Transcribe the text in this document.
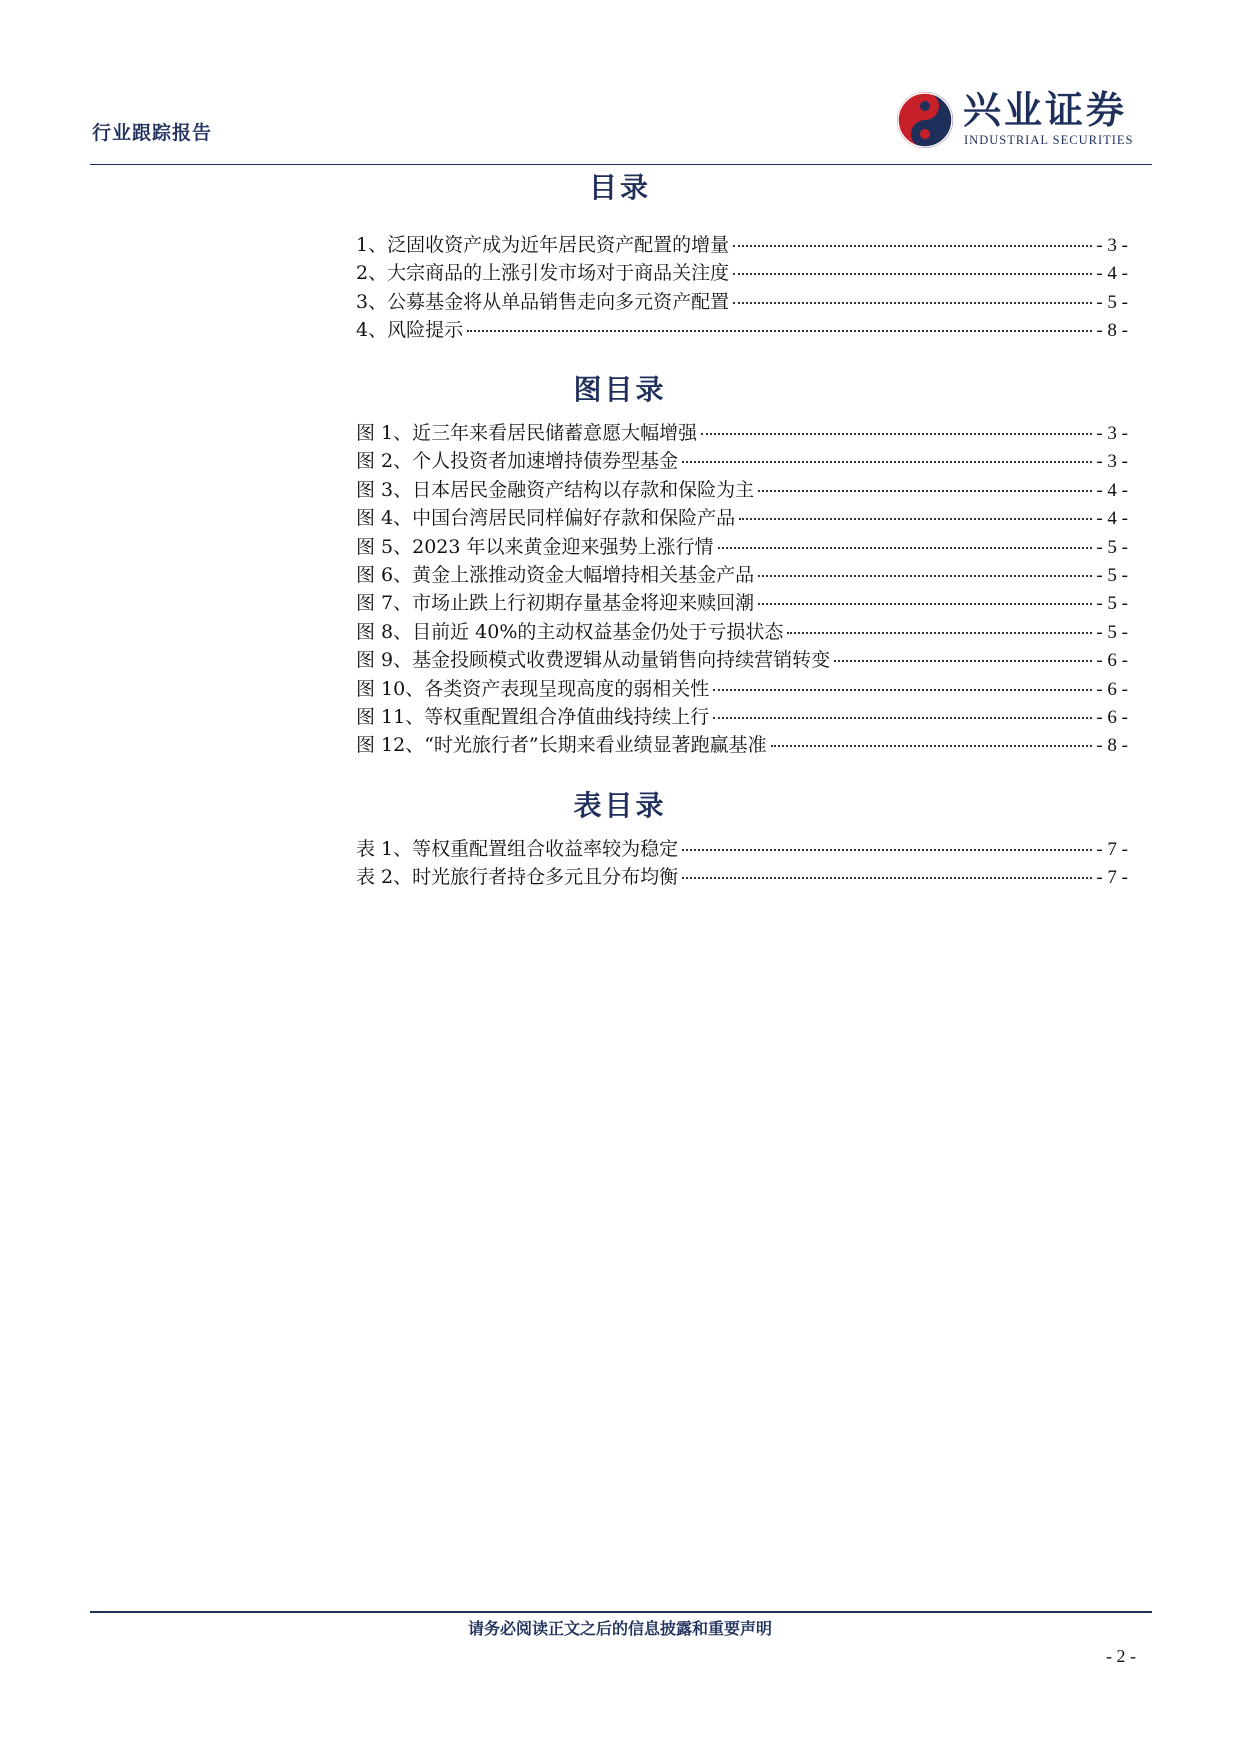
行业跟踪报告
兴业证券
INDUSTRIAL SECURITIES
目录
1、泛固收资产成为近年居民资产配置的增量	- 3 -
2、大宗商品的上涨引发市场对于商品关注度	- 4 -
3、公募基金将从单品销售走向多元资产配置	- 5 -
4、风险提示	- 8 -
图目录
图 1、近三年来看居民储蓄意愿大幅增强	- 3 -
图 2、个人投资者加速增持债券型基金	- 3 -
图 3、日本居民金融资产结构以存款和保险为主	- 4 -
图 4、中国台湾居民同样偏好存款和保险产品	- 4 -
图 5、2023 年以来黄金迎来强势上涨行情	- 5 -
图 6、黄金上涨推动资金大幅增持相关基金产品	- 5 -
图 7、市场止跌上行初期存量基金将迎来赎回潮	- 5 -
图 8、目前近 40%的主动权益基金仍处于亏损状态	- 5 -
图 9、基金投顾模式收费逻辑从动量销售向持续营销转变	- 6 -
图 10、各类资产表现呈现高度的弱相关性	- 6 -
图 11、等权重配置组合净值曲线持续上行	- 6 -
图 12、“时光旅行者”长期来看业绩显著跑赢基准	- 8 -
表目录
表 1、等权重配置组合收益率较为稳定	- 7 -
表 2、时光旅行者持仓多元且分布均衡	- 7 -
请务必阅读正文之后的信息披露和重要声明
- 2 -
